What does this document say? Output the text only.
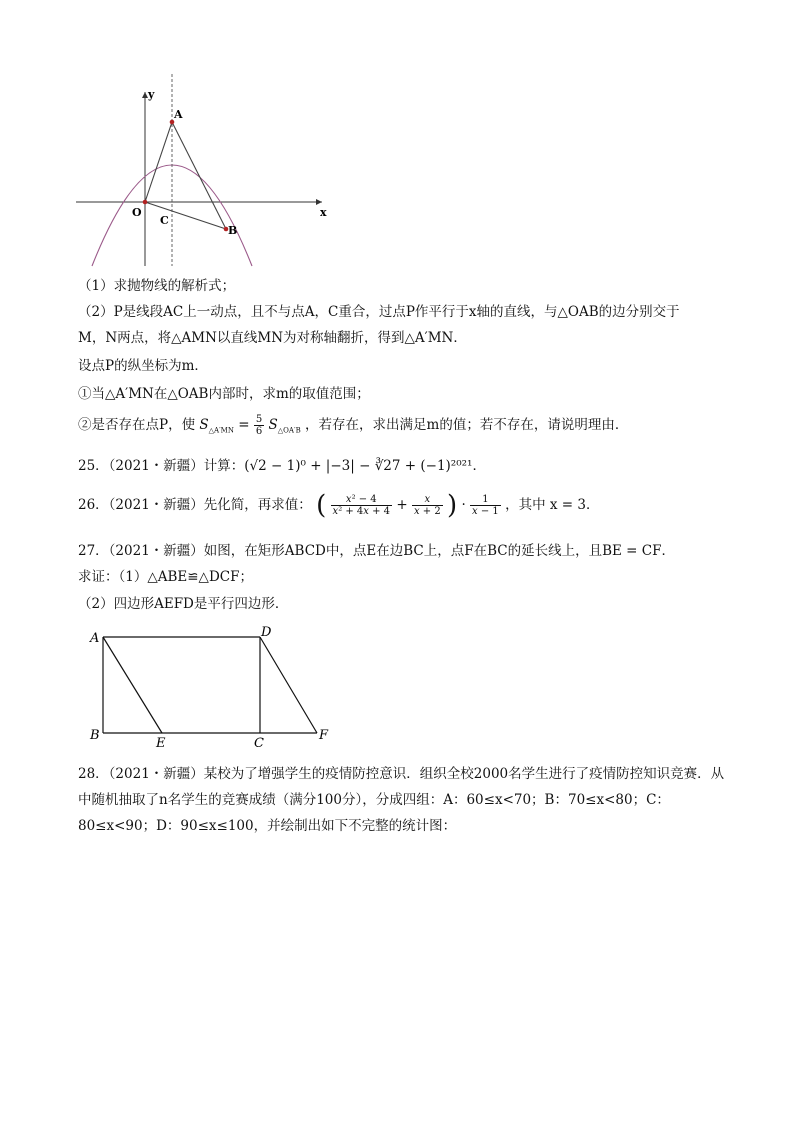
y
x
O
A
B
C
（1）求抛物线的解析式；
（2）P是线段AC上一动点，且不与点A，C重合，过点P作平行于x轴的直线，与△OAB的边分别交于
M，N两点，将△AMN以直线MN为对称轴翻折，得到△A′MN．
设点P的纵坐标为m．
①当△A′MN在△OAB内部时，求m的取值范围；
②是否存在点P，使 $S_{\triangle A'MN} = \frac{5}{6} S_{\triangle OA'B}$ ，若存在，求出满足m的值；若不存在，请说明理由．
25．（2021・新疆）计算：(√2 − 1)⁰ + |−3| − ∛27 + (−1)²⁰²¹．
26．（2021・新疆）先化简，再求值： ( $\frac{\text{x² − 4}}{\text{x² + 4x + 4}} + \frac{x}{x + 2}$ ) · $\frac{1}{x - 1}$ ，其中 x = 3．
27．（2021・新疆）如图，在矩形ABCD中，点E在边BC上，点F在BC的延长线上，且BE = CF．
求证：（1）△ABE≌△DCF；
（2）四边形AEFD是平行四边形．
A	D
B
E	C
F
28．（2021・新疆）某校为了增强学生的疫情防控意识．组织全校2000名学生进行了疫情防控知识竞赛．从
中随机抽取了n名学生的竞赛成绩（满分100分），分成四组：A：60≤x<70；B：70≤x<80；C：
80≤x<90；D：90≤x≤100，并绘制出如下不完整的统计图：
